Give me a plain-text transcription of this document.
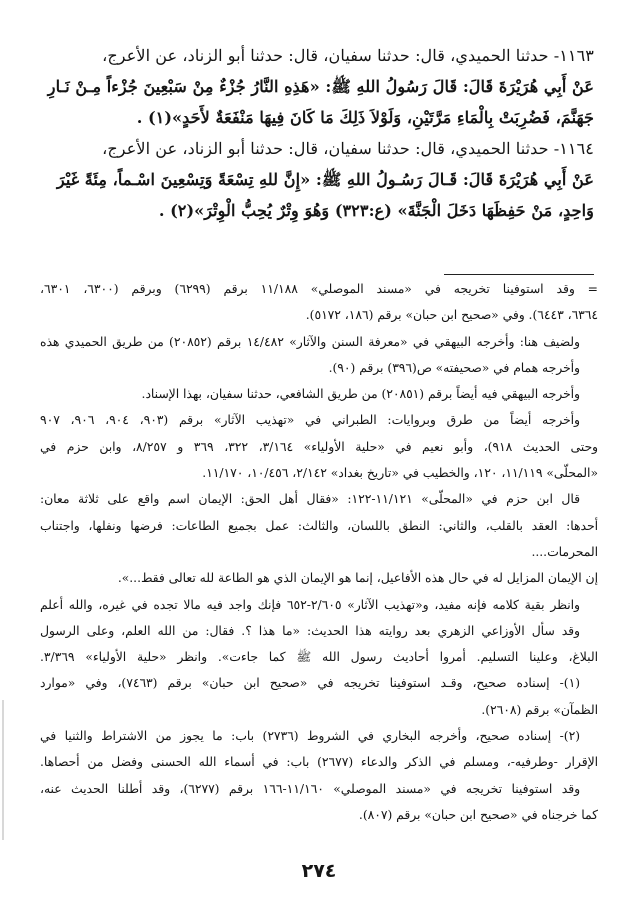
١١٦٣- حدثنا الحميدي، قال: حدثنا سفيان، قال: حدثنا أبو الزناد، عن الأعرج،
عَنْ أَبِي هُرَيْرَةَ قَالَ: قَالَ رَسُولُ اللهِ ﷺ: «هَذِهِ النَّارُ جُزْءٌ مِنْ سَبْعِينَ جُزْءاً مِـنْ نَـارِ
جَهَنَّمَ، فَضُرِبَتْ بِالْمَاءِ مَرَّتَيْنِ، وَلَوْلاَ ذَلِكَ مَا كَانَ فِيهَا مَنْفَعَةٌ لأَحَدٍ»(١) .
١١٦٤- حدثنا الحميدي، قال: حدثنا سفيان، قال: حدثنا أبو الزناد، عن الأعرج،
عَنْ أَبِي هُرَيْرَةَ قَالَ: قَـالَ رَسُـولُ اللهِ ﷺ: «إِنَّ للهِ تِسْعَةً وَتِسْعِينَ اسْـماً، مِئَةً غَيْرَ
وَاحِدٍ، مَنْ حَفِظَهَا دَخَلَ الْجَنَّةَ» (ع:٣٢٣) وَهُوَ وِتْرٌ يُحِبُّ الْوِتْرَ»(٢) .
= وقد استوفينا تخريجه في «مسند الموصلي» ١١/١٨٨ برقم (٦٢٩٩) وبرقم (٦٣٠٠، ٦٣٠١،
٦٣٦٤، ٦٤٤٣). وفي «صحيح ابن حبان» برقم (١٨٦، ٥١٧٢).
ولضيف هنا: وأخرجه البيهقي في «معرفة السنن والآثار» ١٤/٤٨٢ برقم (٢٠٨٥٢) من طريق الحميدي هذه
وأخرجه همام في «صحيفته» ص(٣٩٦) برقم (٩٠).
وأخرجه البيهقي فيه أيضاً برقم (٢٠٨٥١) من طريق الشافعي، حدثنا سفيان، بهذا الإسناد.
وأخرجه أيضاً من طرق وبروايات: الطبراني في «تهذيب الآثار» برقم (٩٠٣، ٩٠٤، ٩٠٦، ٩٠٧
وحتى الحديث ٩١٨)، وأبو نعيم في «حلية الأولياء» ٣/١٦٤، ٣٢٢، ٣٦٩ و ٨/٢٥٧، وابن حزم في
«المحلّى» ١١/١١٩، ١٢٠، والخطيب في «تاريخ بغداد» ٢/١٤٢، ١٠/٤٥٦، ١١/١٧٠.
قال ابن حزم في «المحلّى» ١١/١٢١-١٢٢: «فقال أهل الحق: الإيمان اسم واقع على ثلاثة معان:
أحدها: العقد بالقلب، والثاني: النطق باللسان، والثالث: عمل بجميع الطاعات: فرضها ونفلها، واجتناب
المحرمات....
إن الإيمان المزايل له في حال هذه الأفاعيل، إنما هو الإيمان الذي هو الطاعة لله تعالى فقط...».
وانظر بقية كلامه فإنه مفيد، و«تهذيب الآثار» ٢/٦٠٥-٦٥٢ فإنك واجد فيه مالا تجده في غيره، والله أعلم
وقد سأل الأوزاعي الزهري بعد روايته هذا الحديث: «ما هذا ؟. فقال: من الله العلم، وعلى الرسول
البلاغ، وعلينا التسليم. أمروا أحاديث رسول الله ﷺ كما جاءت». وانظر «حلية الأولياء» ٣/٣٦٩.
(١)- إسناده صحيح، وقـد استوفينا تخريجه في «صحيح ابن حبان» برقم (٧٤٦٣)، وفي «موارد
الظمآن» برقم (٢٦٠٨).
(٢)- إسناده صحيح، وأخرجه البخاري في الشروط (٢٧٣٦) باب: ما يجوز من الاشتراط والثنيا في
الإقرار -وطرفيه-، ومسلم في الذكر والدعاء (٢٦٧٧) باب: في أسماء الله الحسنى وفضل من أحصاها.
وقد استوفينا تخريجه في «مسند الموصلي» ١١/١٦٠-١٦٦ برقم (٦٢٧٧)، وقد أطلنا الحديث عنه،
كما خرجناه في «صحيح ابن حبان» برقم (٨٠٧).
٢٧٤
